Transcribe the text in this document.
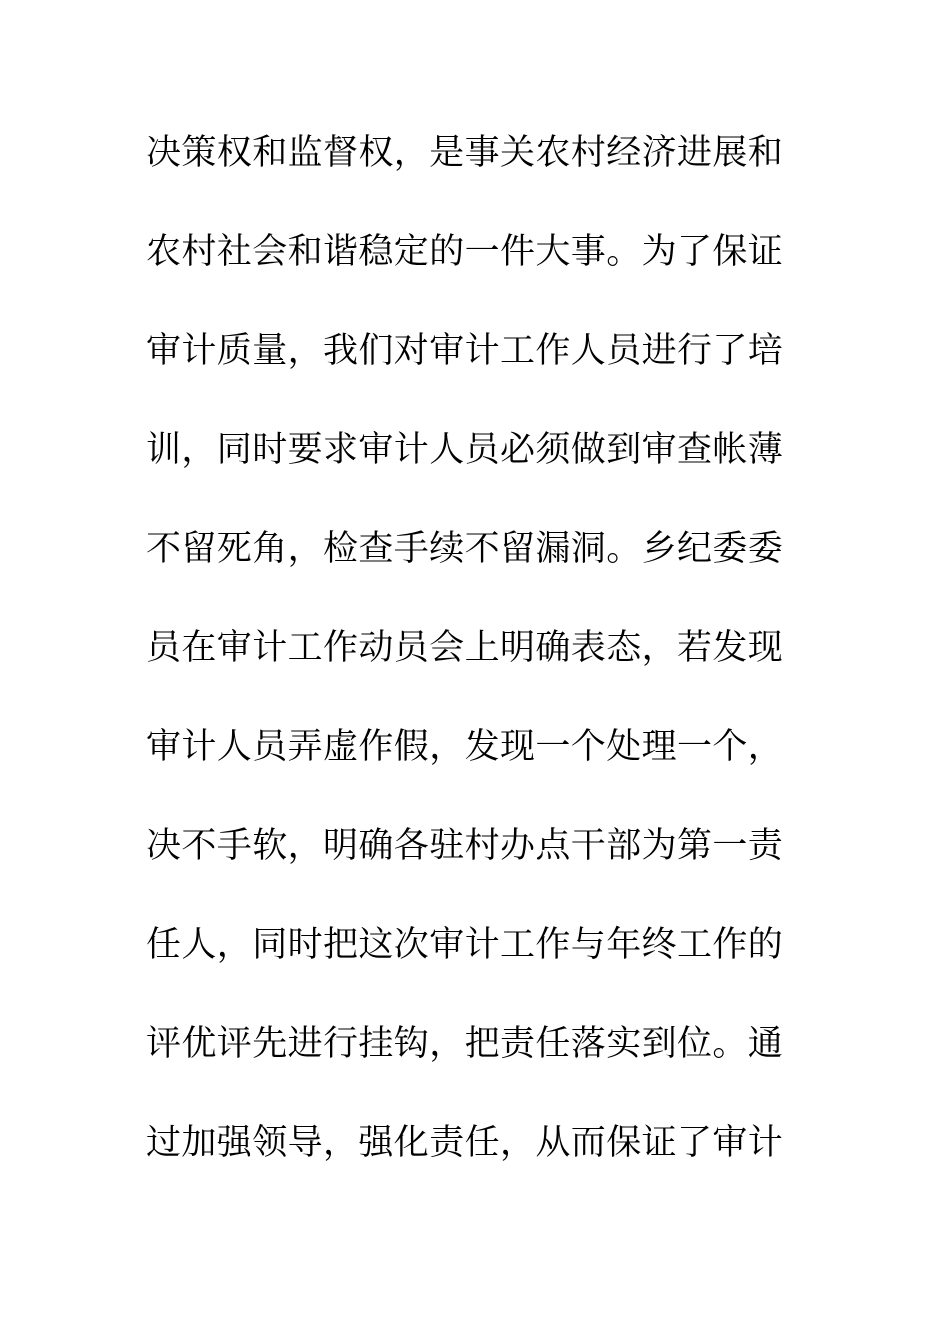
决策权和监督权，是事关农村经济进展和
农村社会和谐稳定的一件大事。为了保证
审计质量，我们对审计工作人员进行了培
训，同时要求审计人员必须做到审查帐薄
不留死角，检查手续不留漏洞。乡纪委委
员在审计工作动员会上明确表态，若发现
审计人员弄虚作假，发现一个处理一个，
决不手软，明确各驻村办点干部为第一责
任人，同时把这次审计工作与年终工作的
评优评先进行挂钩，把责任落实到位。通
过加强领导，强化责任，从而保证了审计
